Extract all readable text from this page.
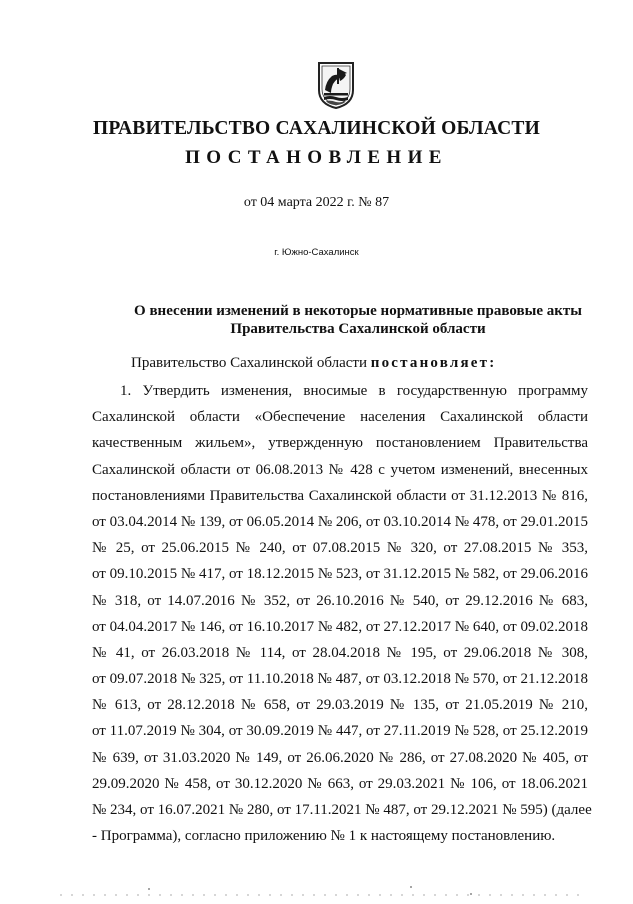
ПРАВИТЕЛЬСТВО САХАЛИНСКОЙ ОБЛАСТИ
ПОСТАНОВЛЕНИЕ

от 04 марта 2022 г. № 87

г. Южно-Сахалинск

О внесении изменений в некоторые нормативные правовые акты
Правительства Сахалинской области

Правительство Сахалинской области постановляет:

1. Утвердить изменения, вносимые в государственную программу
Сахалинской области «Обеспечение населения Сахалинской области
качественным жильем», утвержденную постановлением Правительства
Сахалинской области от 06.08.2013 № 428 с учетом изменений, внесенных
постановлениями Правительства Сахалинской области от 31.12.2013 № 816,
от 03.04.2014 № 139, от 06.05.2014 № 206, от 03.10.2014 № 478, от 29.01.2015
№ 25, от 25.06.2015 № 240, от 07.08.2015 № 320, от 27.08.2015 № 353,
от 09.10.2015 № 417, от 18.12.2015 № 523, от 31.12.2015 № 582, от 29.06.2016
№ 318, от 14.07.2016 № 352, от 26.10.2016 № 540, от 29.12.2016 № 683,
от 04.04.2017 № 146, от 16.10.2017 № 482, от 27.12.2017 № 640, от 09.02.2018
№ 41, от 26.03.2018 № 114, от 28.04.2018 № 195, от 29.06.2018 № 308,
от 09.07.2018 № 325, от 11.10.2018 № 487, от 03.12.2018 № 570, от 21.12.2018
№ 613, от 28.12.2018 № 658, от 29.03.2019 № 135, от 21.05.2019 № 210,
от 11.07.2019 № 304, от 30.09.2019 № 447, от 27.11.2019 № 528, от 25.12.2019
№ 639, от 31.03.2020 № 149, от 26.06.2020 № 286, от 27.08.2020 № 405, от
29.09.2020 № 458, от 30.12.2020 № 663, от 29.03.2021 № 106, от 18.06.2021
№ 234, от 16.07.2021 № 280, от 17.11.2021 № 487, от 29.12.2021 № 595) (далее
- Программа), согласно приложению № 1 к настоящему постановлению.
